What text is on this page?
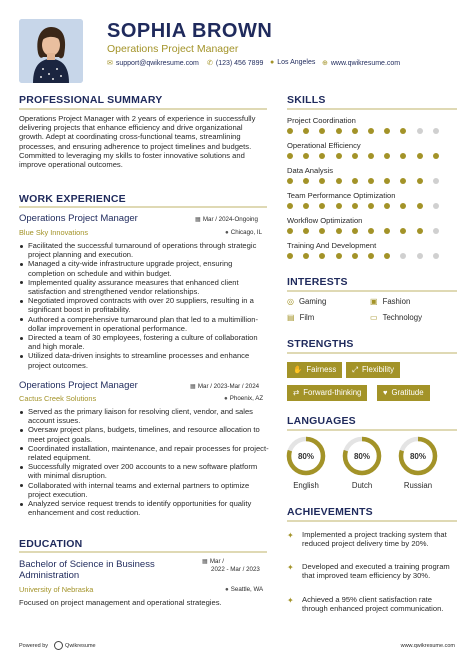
SOPHIA BROWN
Operations Project Manager
✉ support@qwikresume.com ✆ (123) 456 7899 ● Los Angeles ⊕ www.qwikresume.com
PROFESSIONAL SUMMARY
Operations Project Manager with 2 years of experience in successfully delivering projects that enhance efficiency and drive organizational growth. Adept at coordinating cross-functional teams, streamlining processes, and ensuring adherence to project timelines and budgets. Committed to leveraging my skills to foster innovative solutions and improve operational outcomes.
WORK EXPERIENCE
Operations Project Manager	▦ Mar / 2024-Ongoing
Blue Sky Innovations	● Chicago, IL
Facilitated the successful turnaround of operations through strategic project planning and execution.
Managed a city-wide infrastructure upgrade project, ensuring completion on schedule and within budget.
Implemented quality assurance measures that enhanced client satisfaction and strengthened vendor relationships.
Negotiated improved contracts with over 20 suppliers, resulting in a significant boost in profitability.
Authored a comprehensive turnaround plan that led to a multimillion-dollar improvement in operational performance.
Directed a team of 30 employees, fostering a culture of collaboration and high morale.
Utilized data-driven insights to streamline processes and enhance project outcomes.
Operations Project Manager	▦ Mar / 2023-Mar / 2024
Cactus Creek Solutions	● Phoenix, AZ
Served as the primary liaison for resolving client, vendor, and sales account issues.
Oversaw project plans, budgets, timelines, and resource allocation to meet project goals.
Coordinated installation, maintenance, and repair processes for project-related equipment.
Successfully migrated over 200 accounts to a new software platform with minimal disruption.
Collaborated with internal teams and external partners to optimize project execution.
Analyzed service request trends to identify opportunities for quality enhancement and cost reduction.
EDUCATION
Bachelor of Science in Business
Administration
▦ Mar /
2022 - Mar / 2023
University of Nebraska	● Seattle, WA
Focused on project management and operational strategies.
SKILLS
Project Coordination
Operational Efficiency
Data Analysis
Team Performance Optimization
Workflow Optimization
Training And Development
INTERESTS
◎ Gaming	▣ Fashion
▤ Film	▭ Technology
STRENGTHS
✋ Fairness	⤢ Flexibility
⇄ Forward-thinking	♥ Gratitude
LANGUAGES
80%
English
80%
Dutch
80%
Russian
ACHIEVEMENTS
✦ Implemented a project tracking system that reduced project delivery time by 20%.
✦ Developed and executed a training program that improved team efficiency by 30%.
✦ Achieved a 95% client satisfaction rate through enhanced project communication.
Powered by	Qwikresume	www.qwikresume.com
